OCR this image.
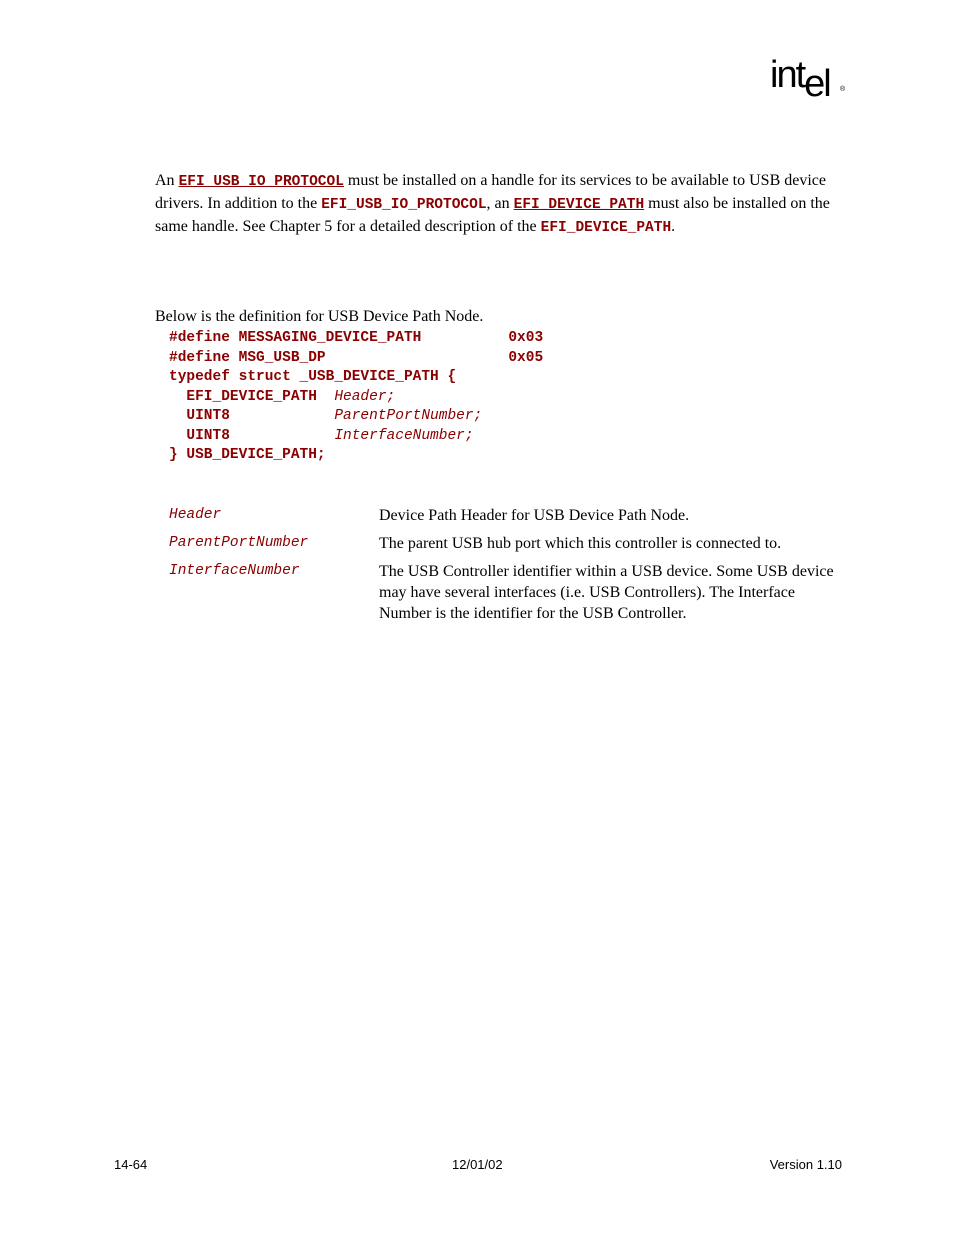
intel ®
An EFI_USB_IO_PROTOCOL must be installed on a handle for its services to be available to USB device drivers. In addition to the EFI_USB_IO_PROTOCOL, an EFI_DEVICE_PATH must also be installed on the same handle. See Chapter 5 for a detailed description of the EFI_DEVICE_PATH.
Below is the definition for USB Device Path Node.
#define MESSAGING_DEVICE_PATH          0x03
#define MSG_USB_DP                     0x05
typedef struct _USB_DEVICE_PATH {
EFI_DEVICE_PATH  Header;
UINT8            ParentPortNumber;
UINT8            InterfaceNumber;
} USB_DEVICE_PATH;
Header	Device Path Header for USB Device Path Node.
ParentPortNumber	The parent USB hub port which this controller is connected to.
InterfaceNumber	The USB Controller identifier within a USB device. Some USB device may have several interfaces (i.e. USB Controllers). The Interface Number is the identifier for the USB Controller.
14-64	12/01/02	Version 1.10
